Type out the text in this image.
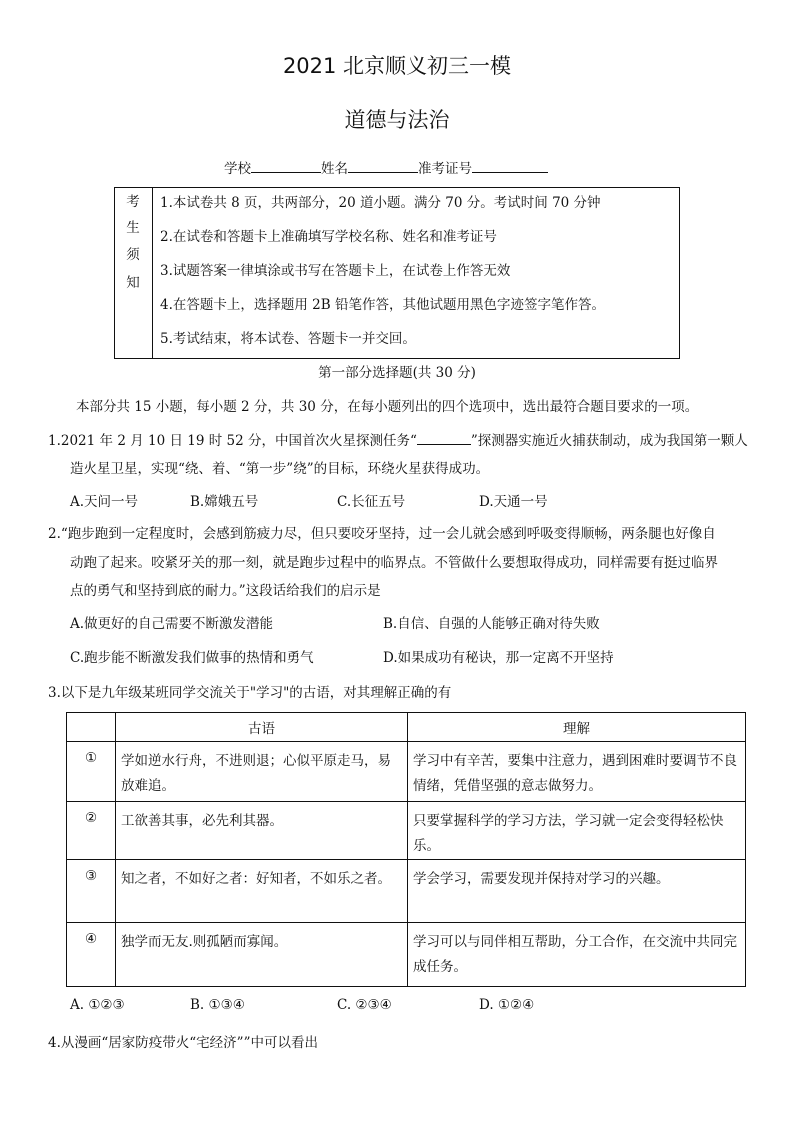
2021 北京顺义初三一模
道德与法治
学校	姓名	准考证号
考
生
须
知
1.本试卷共 8 页，共两部分，20 道小题。满分 70 分。考试时间 70 分钟
2.在试卷和答题卡上准确填写学校名称、姓名和准考证号
3.试题答案一律填涂或书写在答题卡上，在试卷上作答无效
4.在答题卡上，选择题用 2B 铅笔作答，其他试题用黑色字迹签字笔作答。
5.考试结束，将本试卷、答题卡一并交回。
第一部分选择题(共 30 分)
本部分共 15 小题，每小题 2 分，共 30 分，在每小题列出的四个选项中，选出最符合题目要求的一项。
1.2021 年 2 月 10 日 19 时 52 分，中国首次火星探测任务“	”探测器实施近火捕获制动，成为我国第一颗人
造火星卫星，实现“绕、着、“第一步”绕”的目标，环绕火星获得成功。
A.天问一号	B.嫦娥五号	C.长征五号	D.天通一号
2.“跑步跑到一定程度时，会感到筋疲力尽，但只要咬牙坚持，过一会儿就会感到呼吸变得顺畅，两条腿也好像自
动跑了起来。咬紧牙关的那一刻，就是跑步过程中的临界点。不管做什么要想取得成功，同样需要有挺过临界
点的勇气和坚持到底的耐力。”这段话给我们的启示是
A.做更好的自己需要不断激发潜能	B.自信、自强的人能够正确对待失败
C.跑步能不断激发我们做事的热情和勇气	D.如果成功有秘诀，那一定离不开坚持
3.以下是九年级某班同学交流关于"学习"的古语，对其理解正确的有
	古语	理解
①	学如逆水行舟，不进则退；心似平原走马，易放难追。	学习中有辛苦，要集中注意力，遇到困难时要调节不良情绪，凭借坚强的意志做努力。
②	工欲善其事，必先利其器。	只要掌握科学的学习方法，学习就一定会变得轻松快乐。
③	知之者，不如好之者：好知者，不如乐之者。	学会学习，需要发现并保持对学习的兴趣。
④	独学而无友.则孤陋而寡闻。	学习可以与同伴相互帮助，分工合作，在交流中共同完成任务。
A. ①②③	B. ①③④	C. ②③④	D. ①②④
4.从漫画“居家防疫带火“宅经济””中可以看出
